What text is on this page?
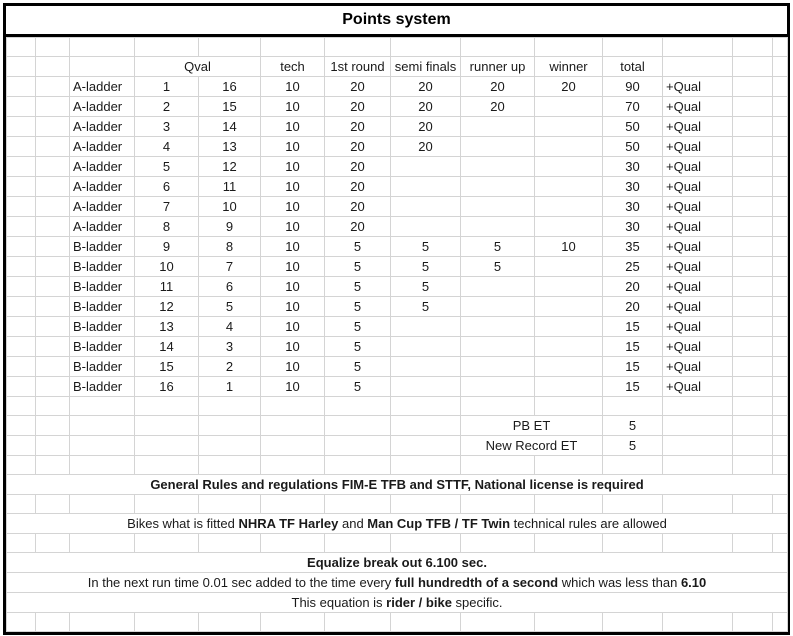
Points system

			Qval		tech	1st round	semi finals	runner up	winner	total			
		A-ladder	1	16	10	20	20	20	20	90	+Qual		
		A-ladder	2	15	10	20	20	20		70	+Qual		
		A-ladder	3	14	10	20	20			50	+Qual		
		A-ladder	4	13	10	20	20			50	+Qual		
		A-ladder	5	12	10	20				30	+Qual		
		A-ladder	6	11	10	20				30	+Qual		
		A-ladder	7	10	10	20				30	+Qual		
		A-ladder	8	9	10	20				30	+Qual		
		B-ladder	9	8	10	5	5	5	10	35	+Qual		
		B-ladder	10	7	10	5	5	5		25	+Qual		
		B-ladder	11	6	10	5	5			20	+Qual		
		B-ladder	12	5	10	5	5			20	+Qual		
		B-ladder	13	4	10	5				15	+Qual		
		B-ladder	14	3	10	5				15	+Qual		
		B-ladder	15	2	10	5				15	+Qual		
		B-ladder	16	1	10	5				15	+Qual		

								PB ET		5			
								New Record ET		5			

General Rules and regulations FIM-E TFB and STTF, National license is required													

Bikes what is fitted NHRA TF Harley and Man Cup TFB / TF Twin technical rules are allowed													

Equalize break out 6.100 sec.													
In the next run time 0.01 sec added to the time every full hundredth of a second which was less than 6.10													
This equation is rider / bike specific.													
